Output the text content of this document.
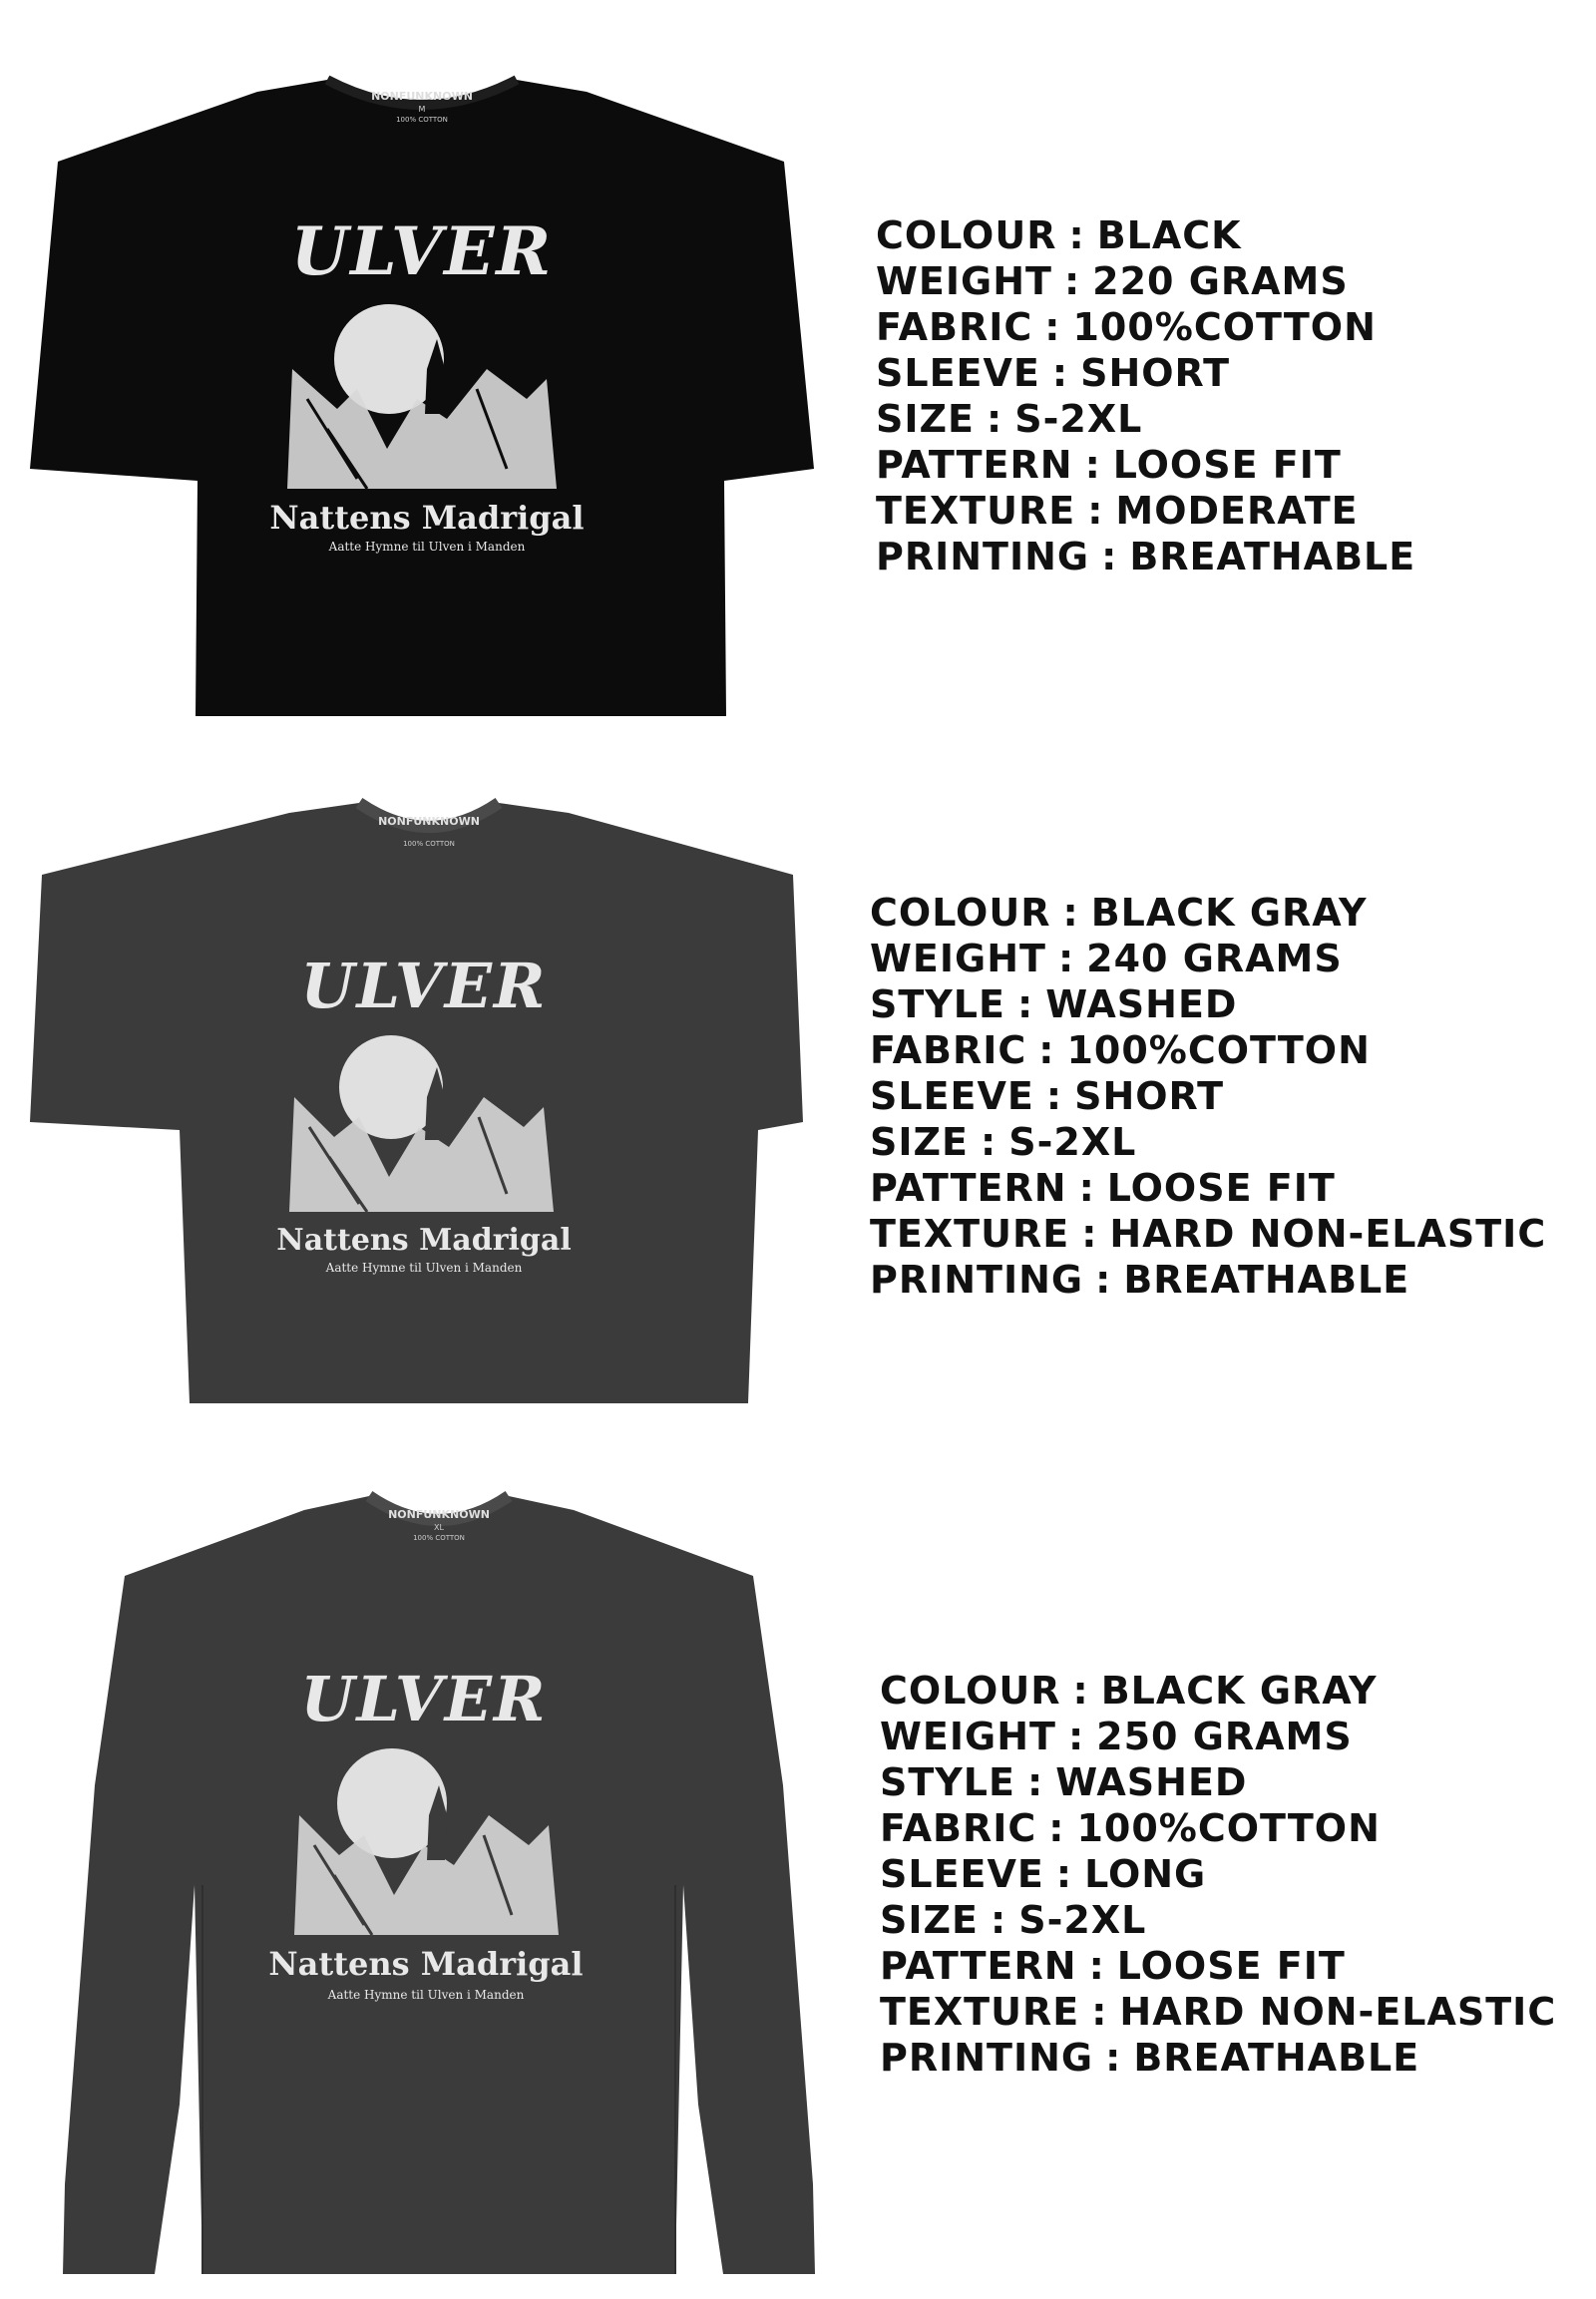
NONFUNKNOWN
M
100% COTTON
ULVER
Nattens Madrigal
Aatte Hymne til Ulven i Manden
COLOUR : BLACK
WEIGHT : 220 GRAMS
FABRIC : 100%COTTON
SLEEVE : SHORT
SIZE : S-2XL
PATTERN : LOOSE FIT
TEXTURE : MODERATE
PRINTING : BREATHABLE
NONFUNKNOWN
100% COTTON
ULVER
Nattens Madrigal
Aatte Hymne til Ulven i Manden
COLOUR : BLACK GRAY
WEIGHT : 240 GRAMS
STYLE : WASHED
FABRIC : 100%COTTON
SLEEVE : SHORT
SIZE : S-2XL
PATTERN : LOOSE FIT
TEXTURE : HARD NON-ELASTIC
PRINTING : BREATHABLE
NONFUNKNOWN
XL
100% COTTON
ULVER
Nattens Madrigal
Aatte Hymne til Ulven i Manden
COLOUR : BLACK GRAY
WEIGHT : 250 GRAMS
STYLE : WASHED
FABRIC : 100%COTTON
SLEEVE : LONG
SIZE : S-2XL
PATTERN : LOOSE FIT
TEXTURE : HARD NON-ELASTIC
PRINTING : BREATHABLE
